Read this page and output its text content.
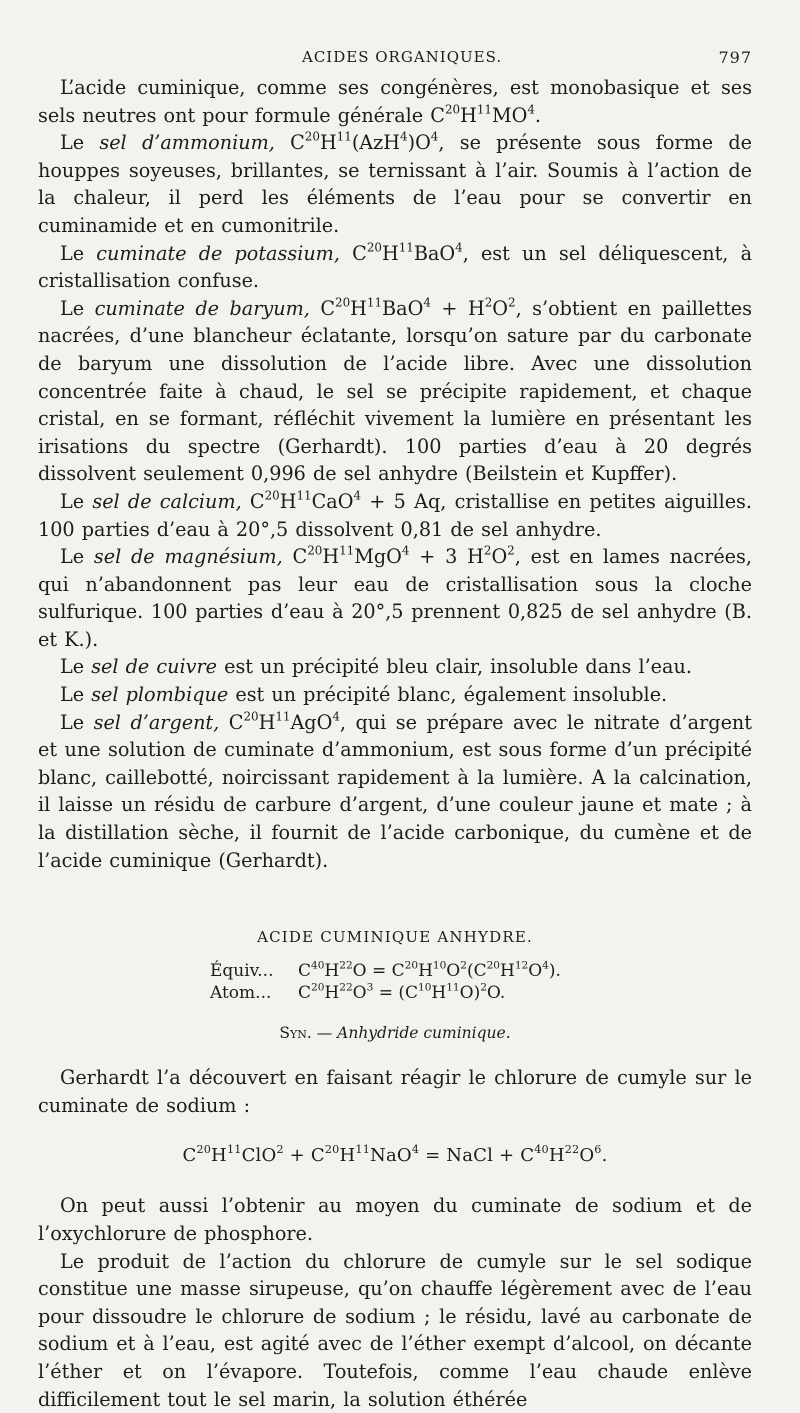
ACIDES ORGANIQUES.	797

L’acide cuminique, comme ses congénères, est monobasique et ses sels neutres ont pour formule générale $C^{20}H^{11}MO^4$.

Le sel d’ammonium, $C^{20}H^{11}(AzH^4)O^4$, se présente sous forme de houppes soyeuses, brillantes, se ternissant à l’air. Soumis à l’action de la chaleur, il perd les éléments de l’eau pour se convertir en cuminamide et en cumonitrile.

Le cuminate de potassium, $C^{20}H^{11}BaO^4$, est un sel déliquescent, à cristallisation confuse.

Le cuminate de baryum, $C^{20}H^{11}BaO^4 + H^2O^2$, s’obtient en paillettes nacrées, d’une blancheur éclatante, lorsqu’on sature par du carbonate de baryum une dissolution de l’acide libre. Avec une dissolution concentrée faite à chaud, le sel se précipite rapidement, et chaque cristal, en se formant, réfléchit vivement la lumière en présentant les irisations du spectre (Gerhardt). 100 parties d’eau à 20 degrés dissolvent seulement 0,996 de sel anhydre (Beilstein et Kupffer).

Le sel de calcium, $C^{20}H^{11}CaO^4 + 5$ Aq, cristallise en petites aiguilles. 100 parties d’eau à 20°,5 dissolvent 0,81 de sel anhydre.

Le sel de magnésium, $C^{20}H^{11}MgO^4 + 3$ $H^2O^2$, est en lames nacrées, qui n’abandonnent pas leur eau de cristallisation sous la cloche sulfurique. 100 parties d’eau à 20°,5 prennent 0,825 de sel anhydre (B. et K.).

Le sel de cuivre est un précipité bleu clair, insoluble dans l’eau.

Le sel plombique est un précipité blanc, également insoluble.

Le sel d’argent, $C^{20}H^{11}AgO^4$, qui se prépare avec le nitrate d’argent et une solution de cuminate d’ammonium, est sous forme d’un précipité blanc, caillebotté, noircissant rapidement à la lumière. A la calcination, il laisse un résidu de carbure d’argent, d’une couleur jaune et mate ; à la distillation sèche, il fournit de l’acide carbonique, du cumène et de l’acide cuminique (Gerhardt).

ACIDE CUMINIQUE ANHYDRE.
Équiv... $C^{40}H^{22}O = C^{20}H^{10}O^2(C^{20}H^{12}O^4)$.
Atom... $C^{20}H^{22}O^3 = (C^{10}H^{11}O)^2O$.
Syn. — Anhydride cuminique.

Gerhardt l’a découvert en faisant réagir le chlorure de cumyle sur le cuminate de sodium :

$C^{20}H^{11}ClO^2 + C^{20}H^{11}NaO^4$ = NaCl + $C^{40}H^{22}O^6$.

On peut aussi l’obtenir au moyen du cuminate de sodium et de l’oxychlorure de phosphore.

Le produit de l’action du chlorure de cumyle sur le sel sodique constitue une masse sirupeuse, qu’on chauffe légèrement avec de l’eau pour dissoudre le chlorure de sodium ; le résidu, lavé au carbonate de sodium et à l’eau, est agité avec de l’éther exempt d’alcool, on décante l’éther et on l’évapore. Toutefois, comme l’eau chaude enlève difficilement tout le sel marin, la solution éthérée
